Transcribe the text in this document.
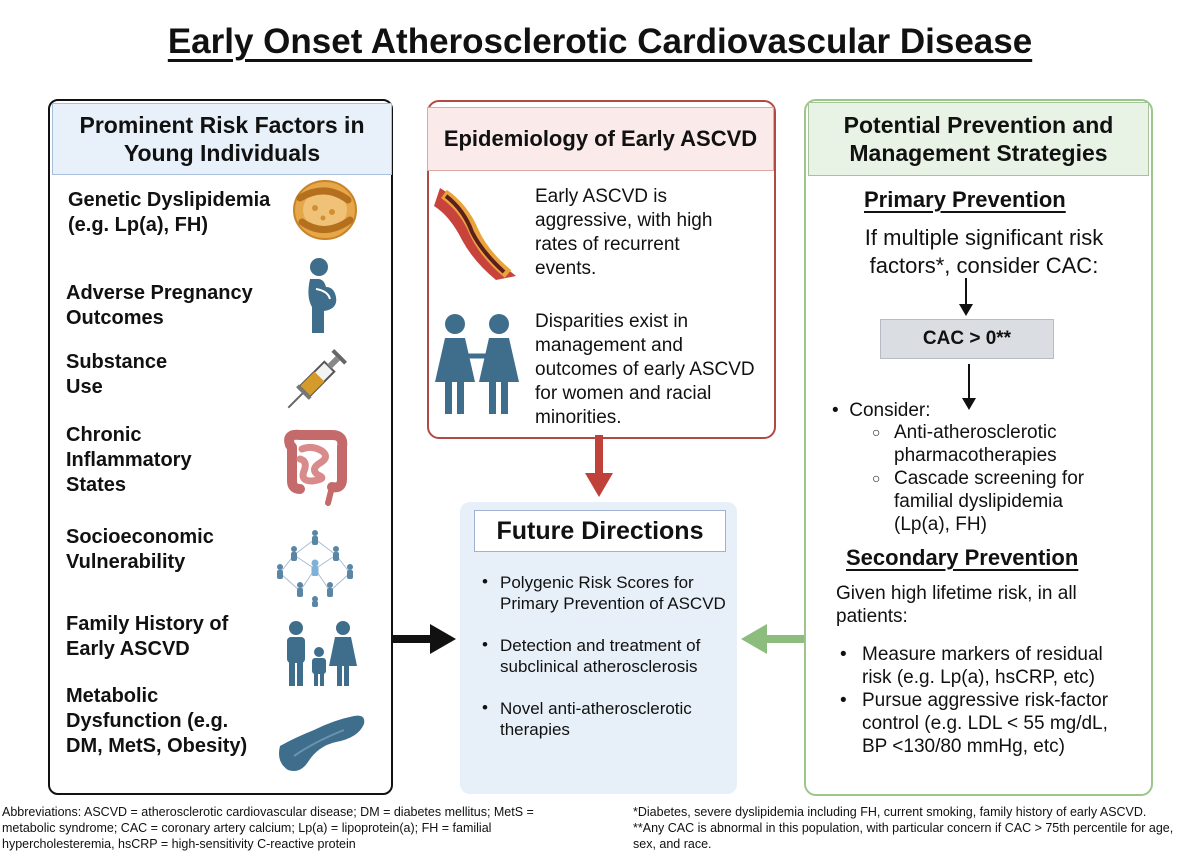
Early Onset Atherosclerotic Cardiovascular Disease
Prominent Risk Factors in Young Individuals
Genetic Dyslipidemia (e.g. Lp(a), FH)
Adverse Pregnancy Outcomes
Substance Use
Chronic Inflammatory States
Socioeconomic Vulnerability
Family History of Early ASCVD
Metabolic Dysfunction (e.g. DM, MetS, Obesity)
Epidemiology of Early ASCVD
Early ASCVD is aggressive, with high rates of recurrent events.
Disparities exist in management and outcomes of early ASCVD for women and racial minorities.
Future Directions
• Polygenic Risk Scores for Primary Prevention of ASCVD
• Detection and treatment of subclinical atherosclerosis
• Novel anti-atherosclerotic therapies
Potential Prevention and Management Strategies
Primary Prevention
If multiple significant risk factors*, consider CAC:
CAC > 0**
•  Consider:
○ Anti-atherosclerotic pharmacotherapies
○ Cascade screening for familial dyslipidemia (Lp(a), FH)
Secondary Prevention
Given high lifetime risk, in all patients:
• Measure markers of residual risk (e.g. Lp(a), hsCRP, etc)
• Pursue aggressive risk-factor control (e.g. LDL < 55 mg/dL, BP <130/80 mmHg, etc)
Abbreviations: ASCVD = atherosclerotic cardiovascular disease; DM = diabetes mellitus; MetS = metabolic syndrome; CAC = coronary artery calcium; Lp(a) = lipoprotein(a); FH = familial hypercholesteremia, hsCRP = high-sensitivity C-reactive protein
*Diabetes, severe dyslipidemia including FH, current smoking, family history of early ASCVD.
**Any CAC is abnormal in this population, with particular concern if CAC > 75th percentile for age, sex, and race.
